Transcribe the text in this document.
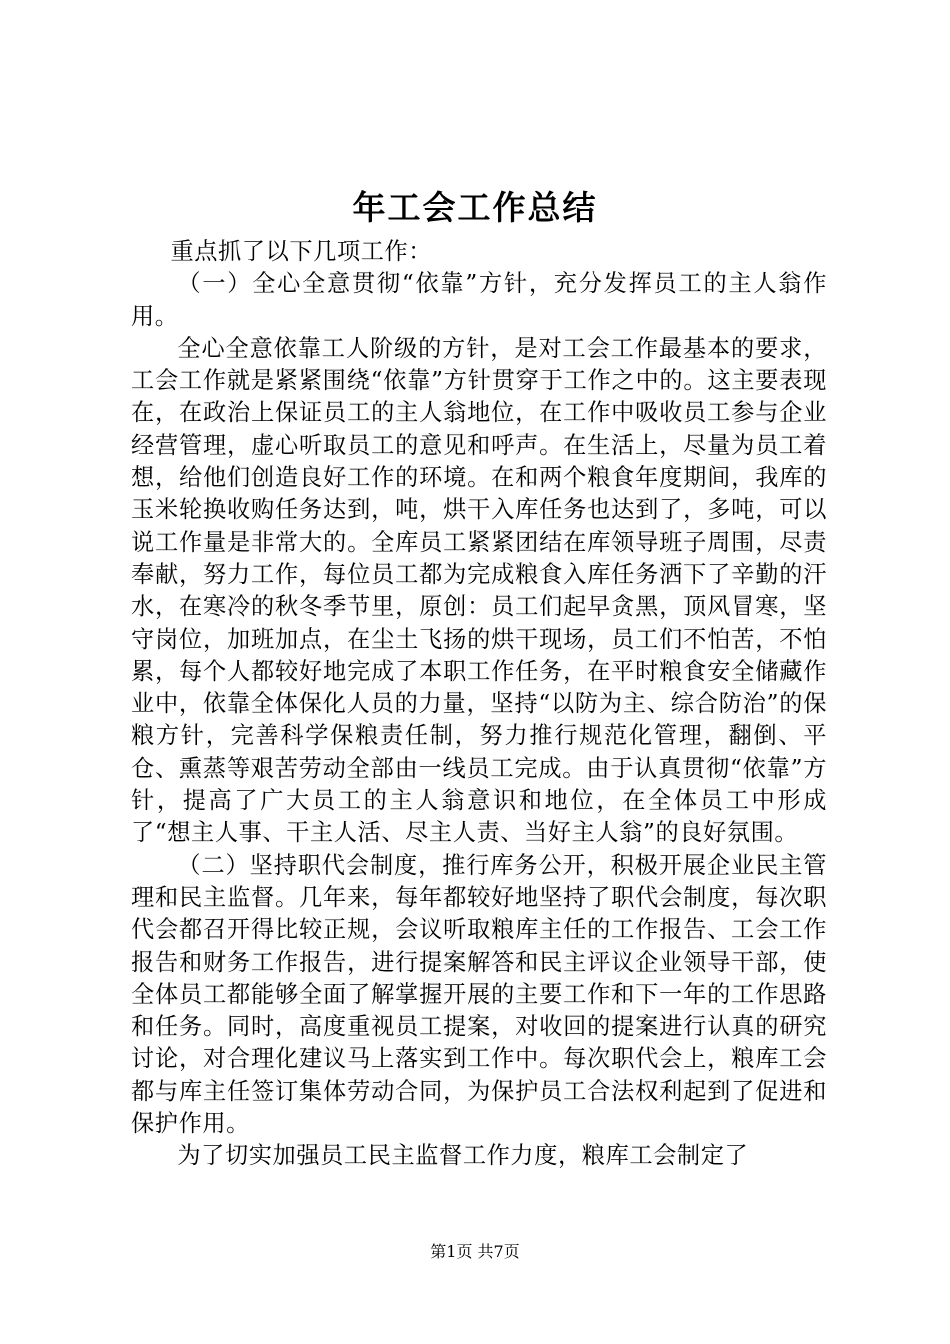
年工会工作总结

重点抓了以下几项工作：

（一）全心全意贯彻“依靠”方针，充分发挥员工的主人翁作用。

全心全意依靠工人阶级的方针，是对工会工作最基本的要求，工会工作就是紧紧围绕“依靠”方针贯穿于工作之中的。这主要表现在，在政治上保证员工的主人翁地位，在工作中吸收员工参与企业经营管理，虚心听取员工的意见和呼声。在生活上，尽量为员工着想，给他们创造良好工作的环境。在和两个粮食年度期间，我库的玉米轮换收购任务达到，吨，烘干入库任务也达到了，多吨，可以说工作量是非常大的。全库员工紧紧团结在库领导班子周围，尽责奉献，努力工作，每位员工都为完成粮食入库任务洒下了辛勤的汗水，在寒冷的秋冬季节里，原创：员工们起早贪黑，顶风冒寒，坚守岗位，加班加点，在尘土飞扬的烘干现场，员工们不怕苦，不怕累，每个人都较好地完成了本职工作任务，在平时粮食安全储藏作业中，依靠全体保化人员的力量，坚持“以防为主、综合防治”的保粮方针，完善科学保粮责任制，努力推行规范化管理，翻倒、平仓、熏蒸等艰苦劳动全部由一线员工完成。由于认真贯彻“依靠”方针，提高了广大员工的主人翁意识和地位，在全体员工中形成了“想主人事、干主人活、尽主人责、当好主人翁”的良好氛围。

（二）坚持职代会制度，推行库务公开，积极开展企业民主管理和民主监督。几年来，每年都较好地坚持了职代会制度，每次职代会都召开得比较正规，会议听取粮库主任的工作报告、工会工作报告和财务工作报告，进行提案解答和民主评议企业领导干部，使全体员工都能够全面了解掌握开展的主要工作和下一年的工作思路和任务。同时，高度重视员工提案，对收回的提案进行认真的研究讨论，对合理化建议马上落实到工作中。每次职代会上，粮库工会都与库主任签订集体劳动合同，为保护员工合法权利起到了促进和保护作用。

为了切实加强员工民主监督工作力度，粮库工会制定了

第1页 共7页
